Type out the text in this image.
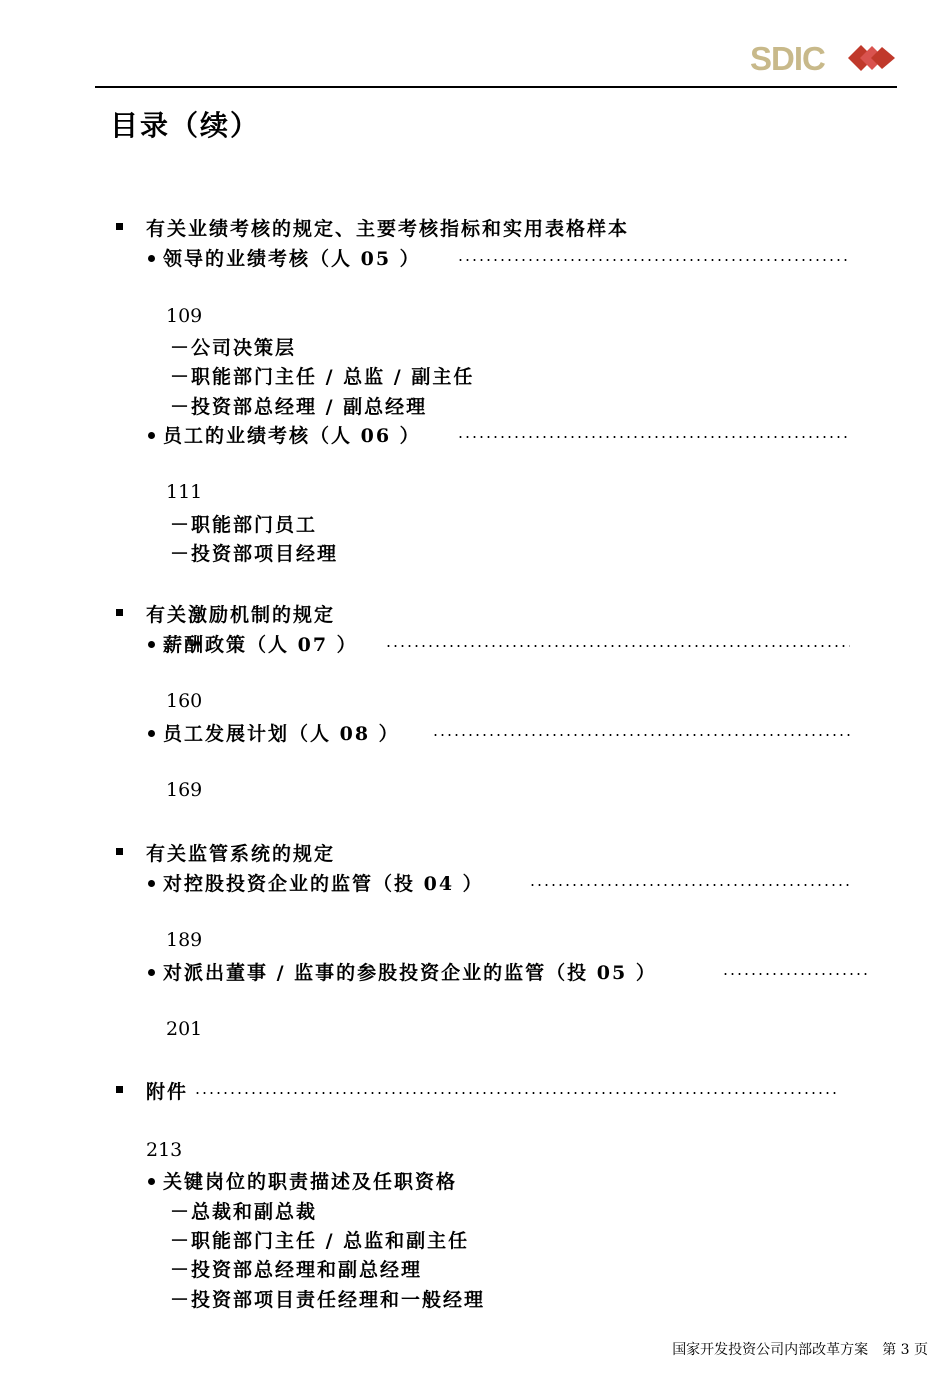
SDIC
目录（续）
有关业绩考核的规定、主要考核指标和实用表格样本
领导的业绩考核（人 05 ）
109
－公司决策层
－职能部门主任 / 总监 / 副主任
－投资部总经理 / 副总经理
员工的业绩考核（人 06 ）
111
－职能部门员工
－投资部项目经理
有关激励机制的规定
薪酬政策（人 07 ）
160
员工发展计划（人 08 ）
169
有关监管系统的规定
对控股投资企业的监管（投 04 ）
189
对派出董事 / 监事的参股投资企业的监管（投 05 ）
201
附件
213
关键岗位的职责描述及任职资格
－总裁和副总裁
－职能部门主任 / 总监和副主任
－投资部总经理和副总经理
－投资部项目责任经理和一般经理
国家开发投资公司内部改革方案 第 3 页
